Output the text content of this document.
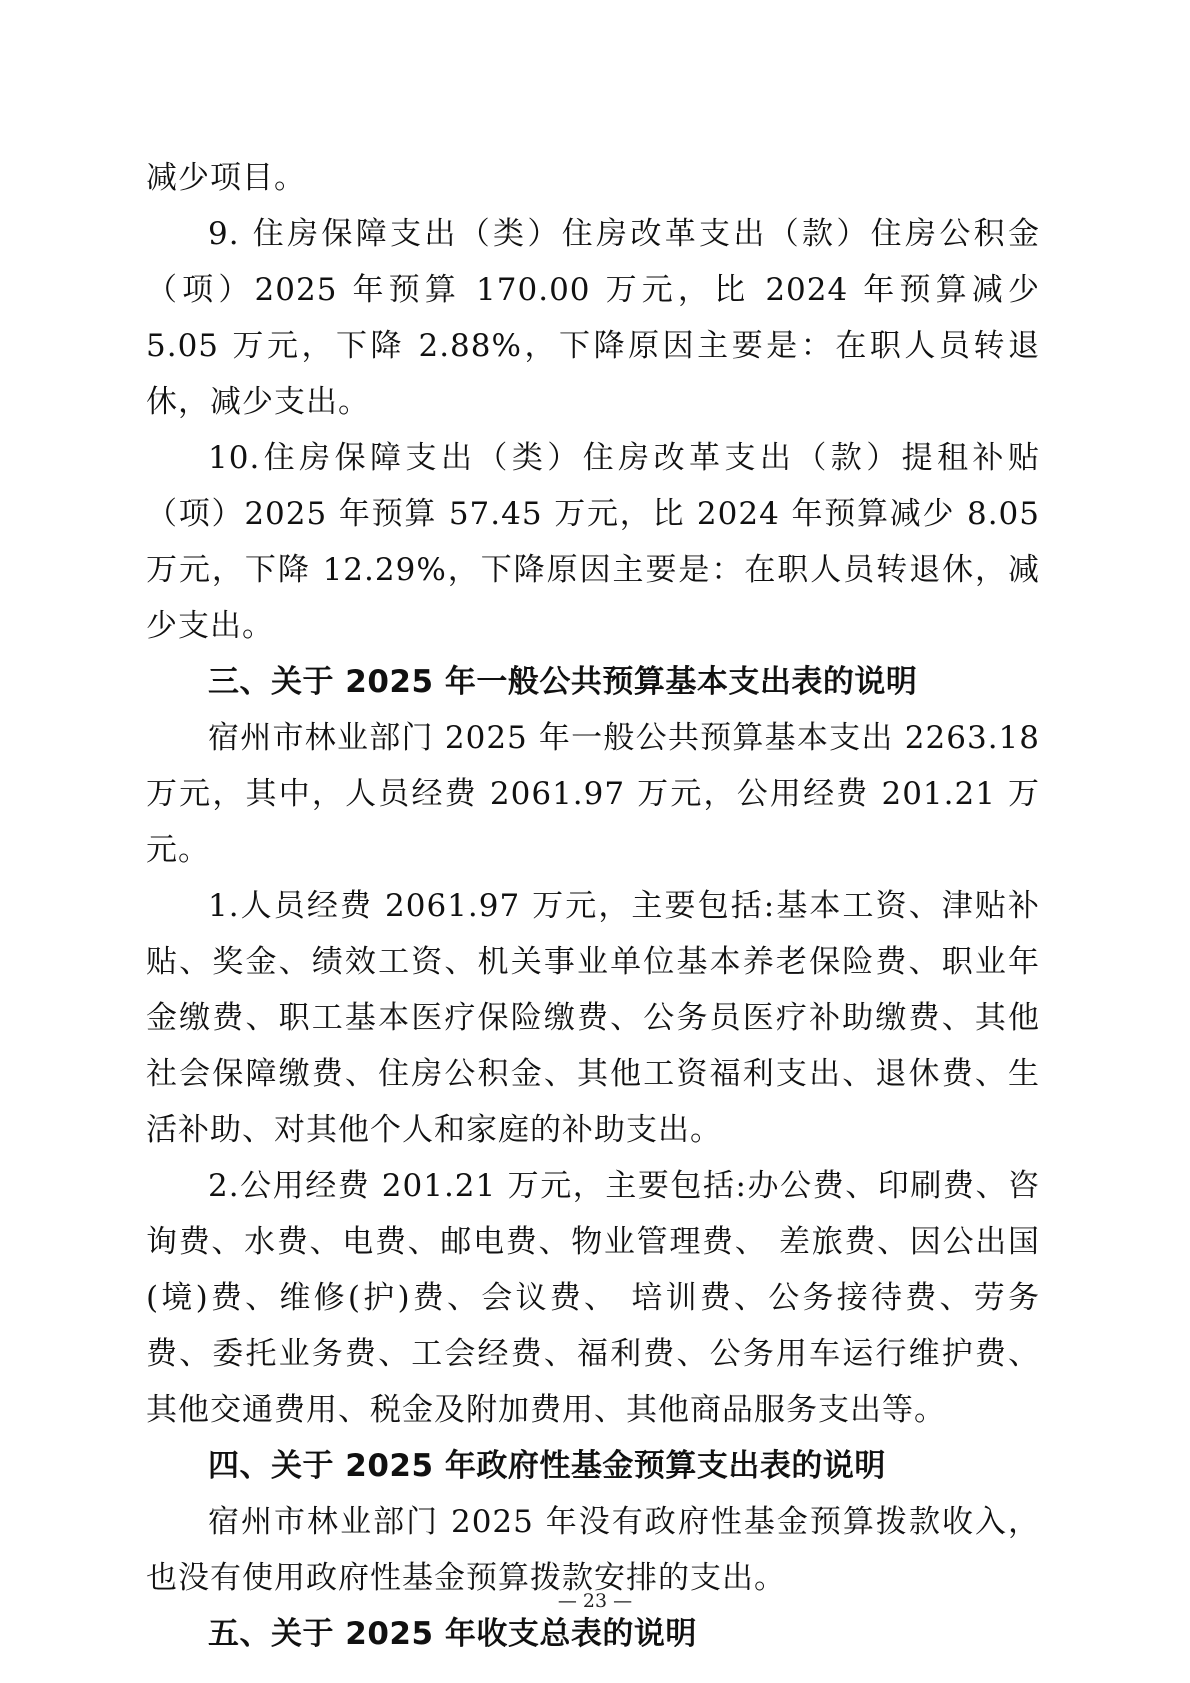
减少项目。

9. 住房保障支出（类）住房改革支出（款）住房公积金（项）2025 年预算 170.00 万元，比 2024 年预算减少 5.05 万元，下降 2.88%，下降原因主要是：在职人员转退休，减少支出。

10.住房保障支出（类）住房改革支出（款）提租补贴（项）2025 年预算 57.45 万元，比 2024 年预算减少 8.05 万元，下降 12.29%，下降原因主要是：在职人员转退休，减少支出。

三、关于 2025 年一般公共预算基本支出表的说明

宿州市林业部门 2025 年一般公共预算基本支出 2263.18 万元，其中，人员经费 2061.97 万元，公用经费 201.21 万元。

1.人员经费 2061.97 万元，主要包括:基本工资、津贴补贴、奖金、绩效工资、机关事业单位基本养老保险费、职业年金缴费、职工基本医疗保险缴费、公务员医疗补助缴费、其他社会保障缴费、住房公积金、其他工资福利支出、退休费、生活补助、对其他个人和家庭的补助支出。

2.公用经费 201.21 万元，主要包括:办公费、印刷费、咨询费、水费、电费、邮电费、物业管理费、 差旅费、因公出国(境)费、维修(护)费、会议费、 培训费、公务接待费、劳务费、委托业务费、工会经费、福利费、公务用车运行维护费、其他交通费用、税金及附加费用、其他商品服务支出等。

四、关于 2025 年政府性基金预算支出表的说明

宿州市林业部门 2025 年没有政府性基金预算拨款收入，也没有使用政府性基金预算拨款安排的支出。

五、关于 2025 年收支总表的说明

— 23 —
